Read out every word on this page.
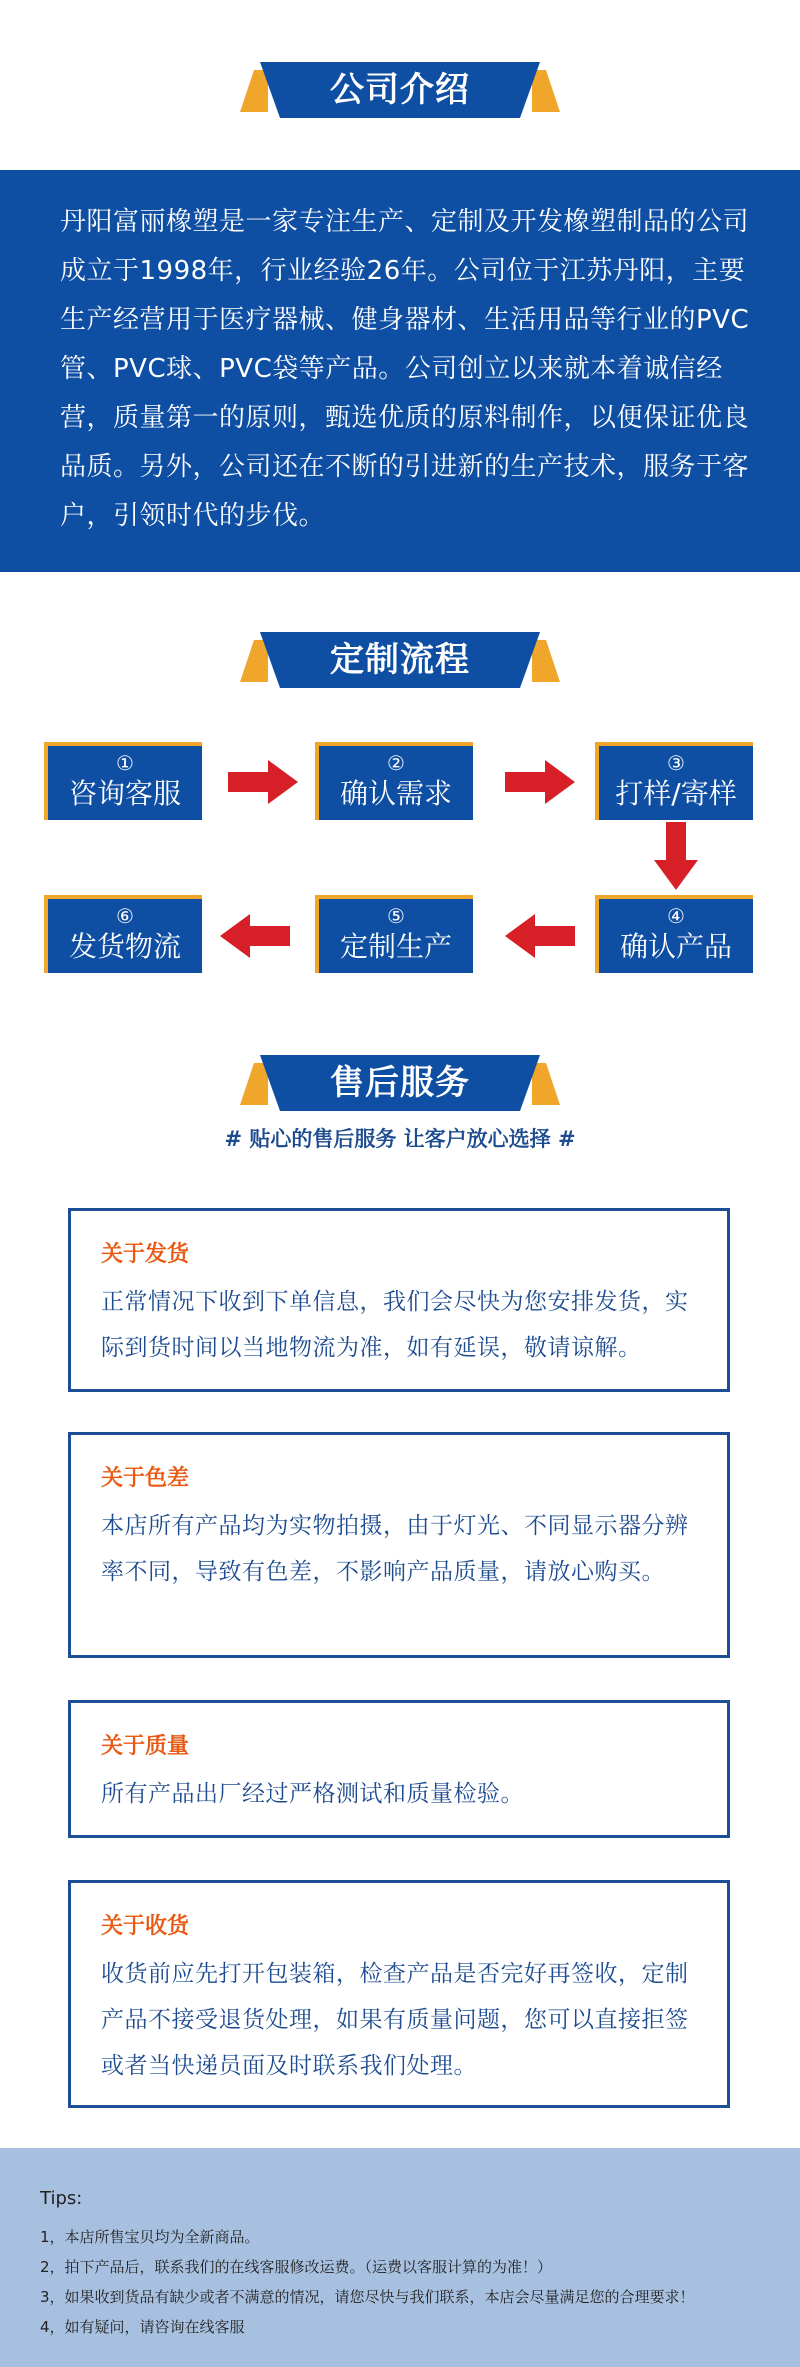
公司介绍

丹阳富丽橡塑是一家专注生产、定制及开发橡塑制品的公司成立于1998年，行业经验26年。公司位于江苏丹阳，主要生产经营用于医疗器械、健身器材、生活用品等行业的PVC管、PVC球、PVC袋等产品。公司创立以来就本着诚信经营，质量第一的原则，甄选优质的原料制作，以便保证优良品质。另外，公司还在不断的引进新的生产技术，服务于客户，引领时代的步伐。

定制流程
①
咨询客服
②
确认需求
③
打样/寄样
④
确认产品
⑤
定制生产
⑥
发货物流
售后服务
# 贴心的售后服务 让客户放心选择 #
关于发货
正常情况下收到下单信息，我们会尽快为您安排发货，实际到货时间以当地物流为准，如有延误，敬请谅解。
关于色差
本店所有产品均为实物拍摄，由于灯光、不同显示器分辨率不同，导致有色差，不影响产品质量，请放心购买。
关于质量
所有产品出厂经过严格测试和质量检验。
关于收货
收货前应先打开包装箱，检查产品是否完好再签收，定制产品不接受退货处理，如果有质量问题，您可以直接拒签或者当快递员面及时联系我们处理。
Tips:
1，本店所售宝贝均为全新商品。
2，拍下产品后，联系我们的在线客服修改运费。（运费以客服计算的为准！）
3，如果收到货品有缺少或者不满意的情况，请您尽快与我们联系，本店会尽量满足您的合理要求！
4，如有疑问，请咨询在线客服
